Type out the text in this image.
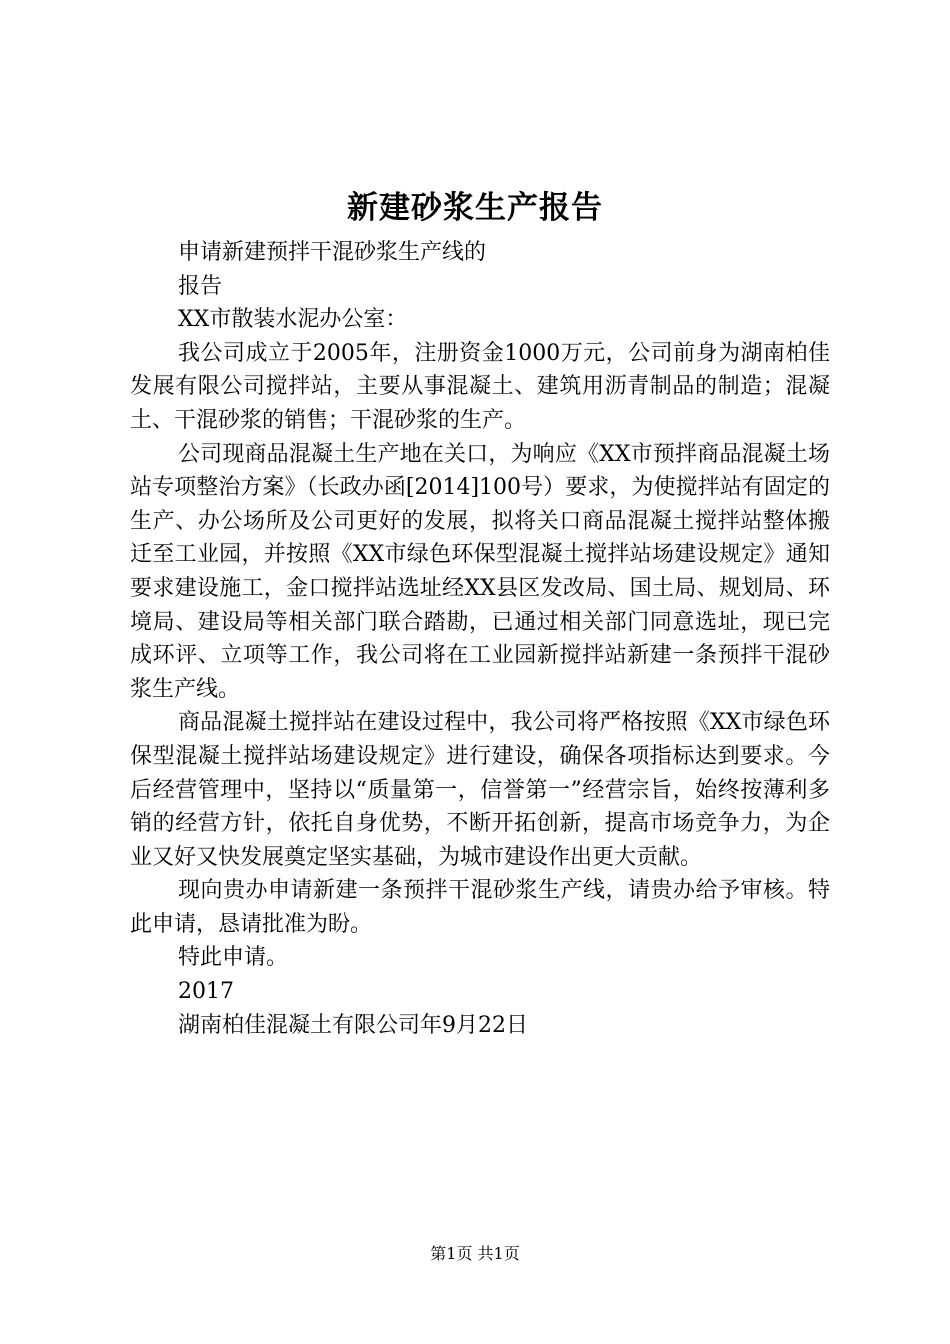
新建砂浆生产报告

申请新建预拌干混砂浆生产线的

报告

XX市散装水泥办公室：

我公司成立于2005年，注册资金1000万元，公司前身为湖南柏佳发展有限公司搅拌站，主要从事混凝土、建筑用沥青制品的制造；混凝土、干混砂浆的销售；干混砂浆的生产。

公司现商品混凝土生产地在关口，为响应《XX市预拌商品混凝土场站专项整治方案》（长政办函[2014]100号）要求，为使搅拌站有固定的生产、办公场所及公司更好的发展，拟将关口商品混凝土搅拌站整体搬迁至工业园，并按照《XX市绿色环保型混凝土搅拌站场建设规定》通知要求建设施工，金口搅拌站选址经XX县区发改局、国土局、规划局、环境局、建设局等相关部门联合踏勘，已通过相关部门同意选址，现已完成环评、立项等工作，我公司将在工业园新搅拌站新建一条预拌干混砂浆生产线。

商品混凝土搅拌站在建设过程中，我公司将严格按照《XX市绿色环保型混凝土搅拌站场建设规定》进行建设，确保各项指标达到要求。今后经营管理中，坚持以“质量第一，信誉第一”经营宗旨，始终按薄利多销的经营方针，依托自身优势，不断开拓创新，提高市场竞争力，为企业又好又快发展奠定坚实基础，为城市建设作出更大贡献。

现向贵办申请新建一条预拌干混砂浆生产线，请贵办给予审核。特此申请，恳请批准为盼。

特此申请。

2017

湖南柏佳混凝土有限公司年9月22日

第1页 共1页
